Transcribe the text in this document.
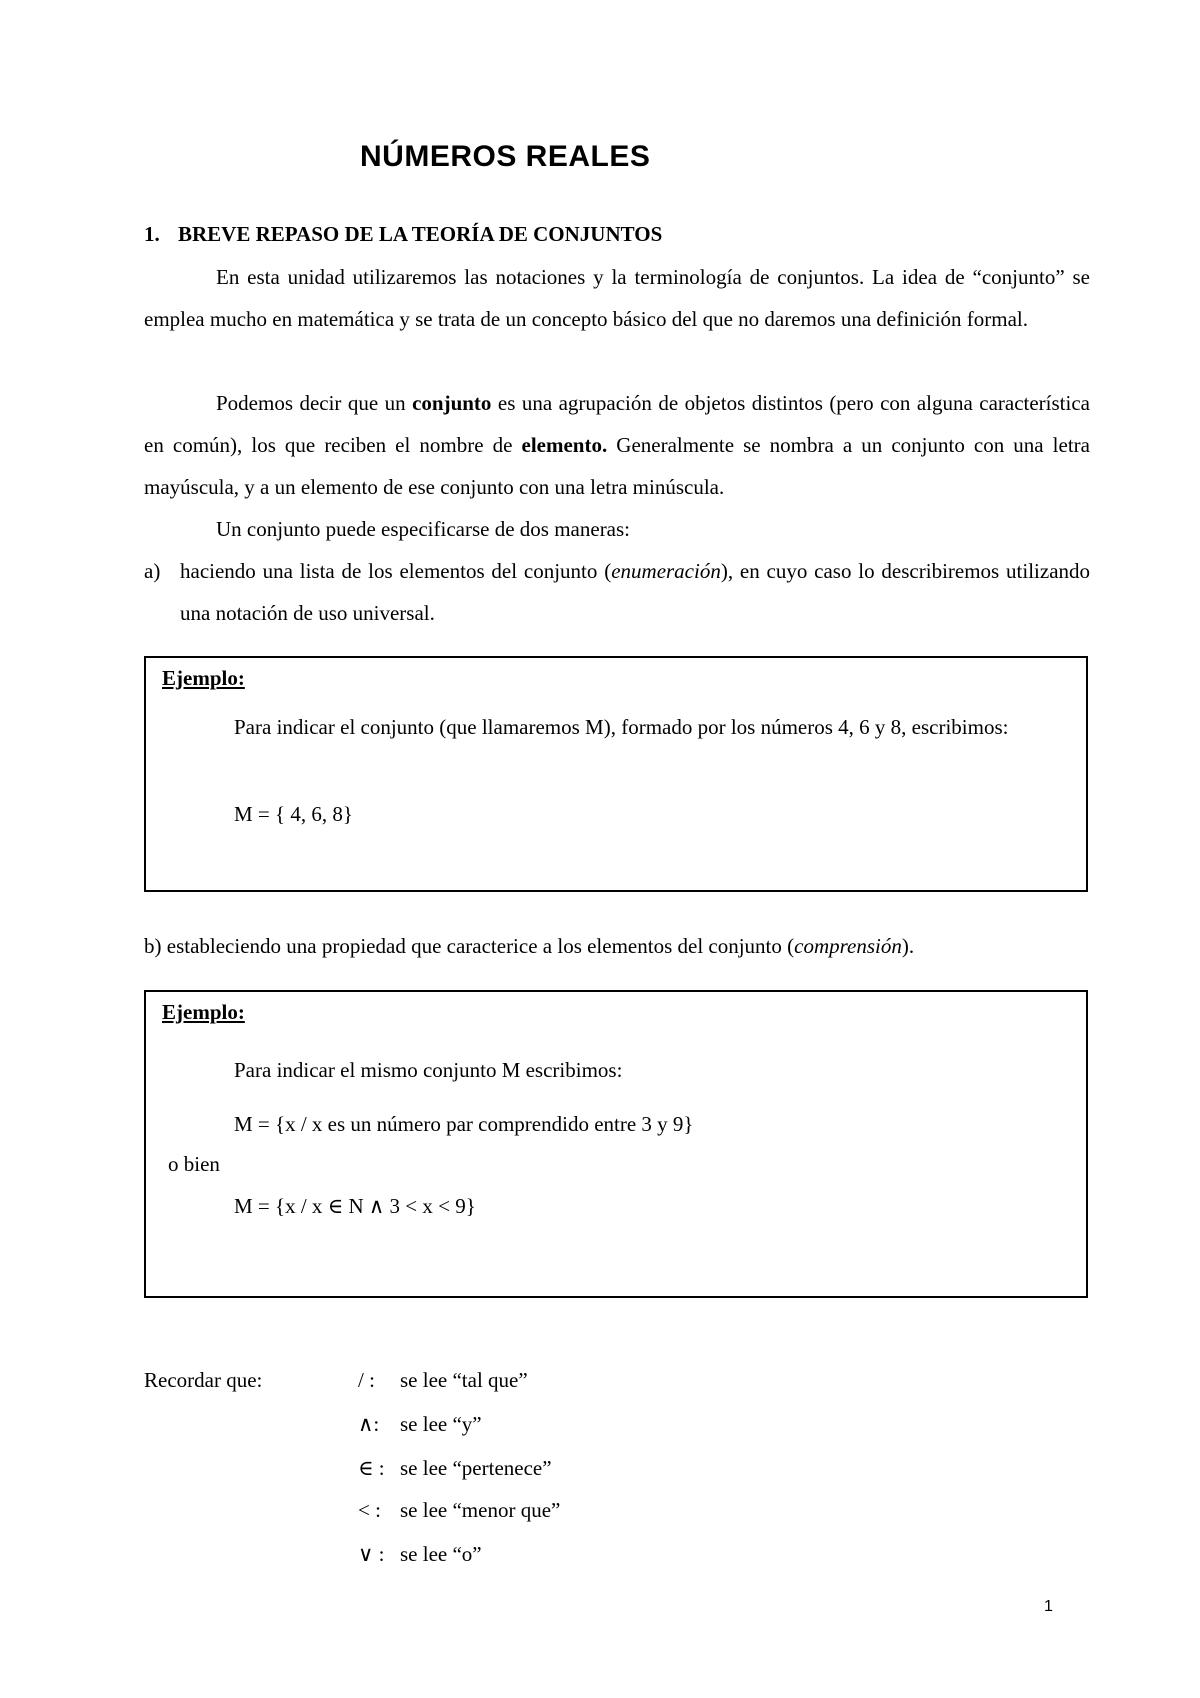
NÚMEROS REALES
1. BREVE REPASO DE LA TEORÍA DE CONJUNTOS

En esta unidad utilizaremos las notaciones y la terminología de conjuntos. La idea de “conjunto” se emplea mucho en matemática y se trata de un concepto básico del que no daremos una definición formal.

Podemos decir que un conjunto es una agrupación de objetos distintos (pero con alguna característica en común), los que reciben el nombre de elemento. Generalmente se nombra a un conjunto con una letra mayúscula, y a un elemento de ese conjunto con una letra minúscula.

Un conjunto puede especificarse de dos maneras:

a) haciendo una lista de los elementos del conjunto (enumeración), en cuyo caso lo describiremos utilizando una notación de uso universal.

Ejemplo:

Para indicar el conjunto (que llamaremos M), formado por los números 4, 6 y 8, escribimos:

M = { 4, 6, 8}

b) estableciendo una propiedad que caracterice a los elementos del conjunto (comprensión).

Ejemplo:

Para indicar el mismo conjunto M escribimos:

M = {x / x es un número par comprendido entre 3 y 9}

o bien

M = {x / x ∈ N ∧ 3 < x < 9}

Recordar que:	/ : se lee “tal que”

∧: se lee “y”

∈ : se lee “pertenece”

< : se lee “menor que”

∨ : se lee “o”

1
